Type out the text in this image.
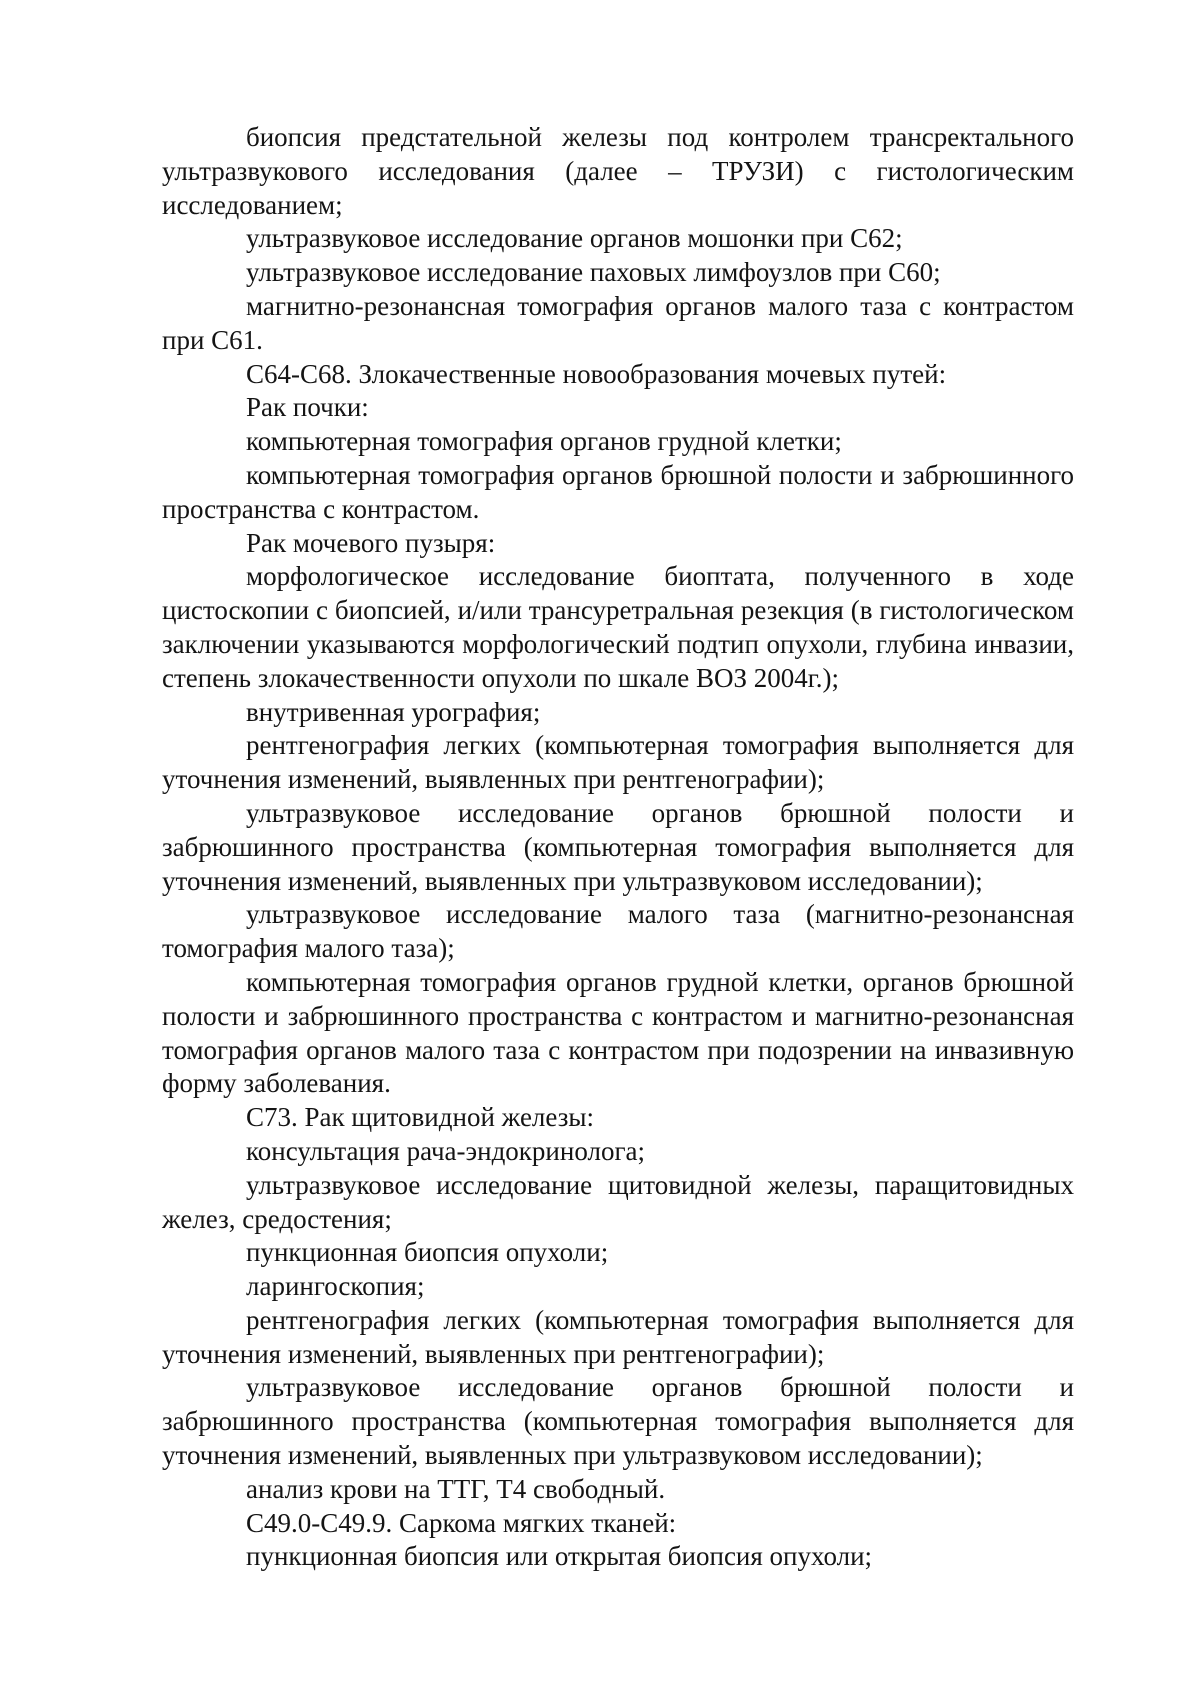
биопсия предстательной железы под контролем трансректального ультразвукового исследования (далее – ТРУЗИ) с гистологическим исследованием;

ультразвуковое исследование органов мошонки при C62;

ультразвуковое исследование паховых лимфоузлов при C60;

магнитно-резонансная томография органов малого таза с контрастом при C61.

C64-C68. Злокачественные новообразования мочевых путей:

Рак почки:

компьютерная томография органов грудной клетки;

компьютерная томография органов брюшной полости и забрюшинного пространства с контрастом.

Рак мочевого пузыря:

морфологическое исследование биоптата, полученного в ходе цистоскопии с биопсией, и/или трансуретральная резекция (в гистологическом заключении указываются морфологический подтип опухоли, глубина инвазии, степень злокачественности опухоли по шкале ВОЗ 2004г.);

внутривенная урография;

рентгенография легких (компьютерная томография выполняется для уточнения изменений, выявленных при рентгенографии);

ультразвуковое исследование органов брюшной полости и забрюшинного пространства (компьютерная томография выполняется для уточнения изменений, выявленных при ультразвуковом исследовании);

ультразвуковое исследование малого таза (магнитно-резонансная томография малого таза);

компьютерная томография органов грудной клетки, органов брюшной полости и забрюшинного пространства с контрастом и магнитно-резонансная томография органов малого таза с контрастом при подозрении на инвазивную форму заболевания.

C73. Рак щитовидной железы:

консультация рача-эндокринолога;

ультразвуковое исследование щитовидной железы, паращитовидных желез, средостения;

пункционная биопсия опухоли;

ларингоскопия;

рентгенография легких (компьютерная томография выполняется для уточнения изменений, выявленных при рентгенографии);

ультразвуковое исследование органов брюшной полости и забрюшинного пространства (компьютерная томография выполняется для уточнения изменений, выявленных при ультразвуковом исследовании);

анализ крови на ТТГ, Т4 свободный.

C49.0-C49.9. Саркома мягких тканей:

пункционная биопсия или открытая биопсия опухоли;
